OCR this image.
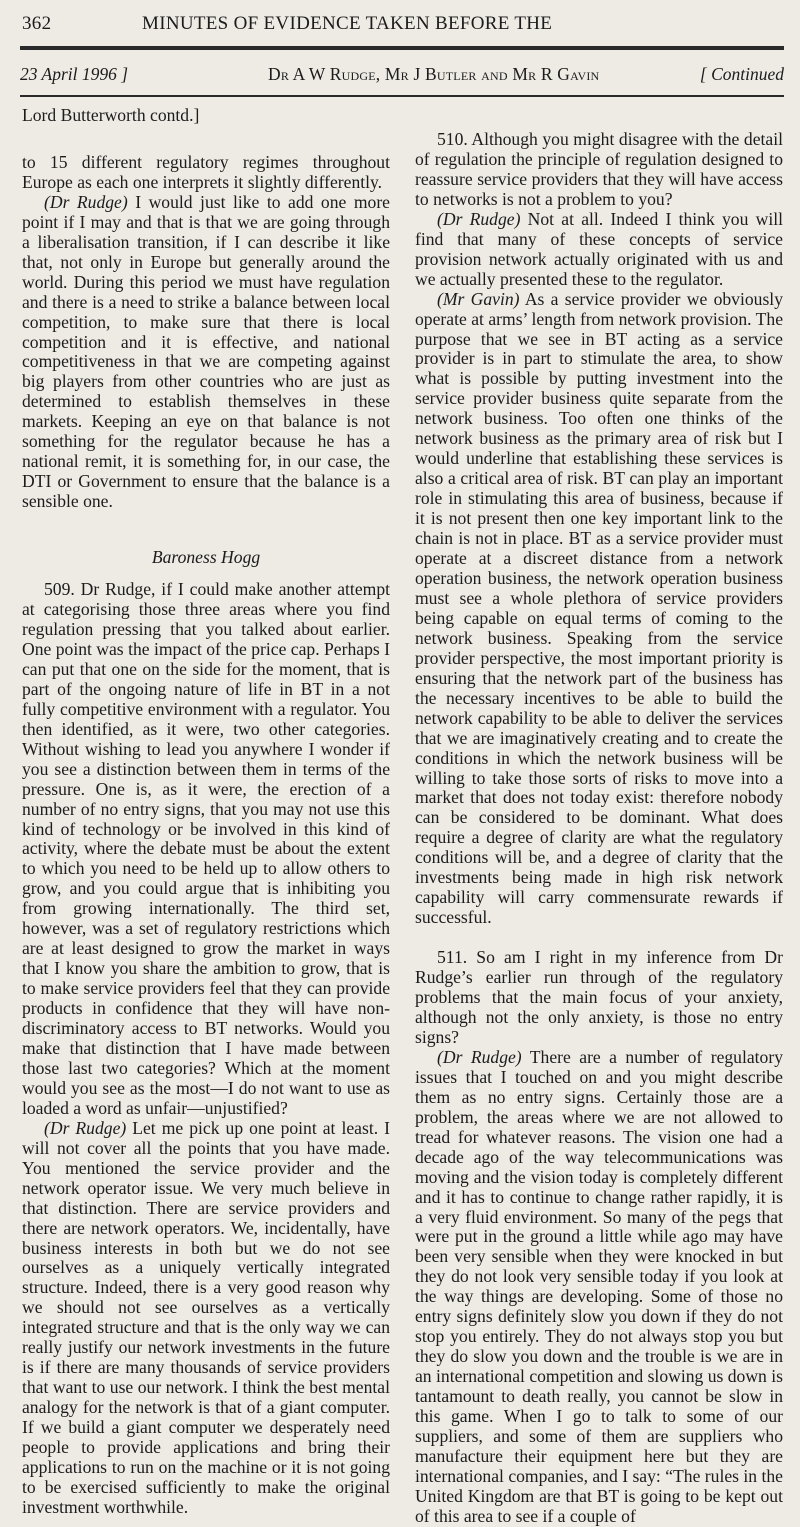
362	MINUTES OF EVIDENCE TAKEN BEFORE THE
23 April 1996 ]	Dr A W Rudge, Mr J Butler and Mr R Gavin	[ Continued

Lord Butterworth contd.]

to 15 different regulatory regimes throughout Europe as each one interprets it slightly differently.

(Dr Rudge) I would just like to add one more point if I may and that is that we are going through a liberalisation transition, if I can describe it like that, not only in Europe but generally around the world. During this period we must have regulation and there is a need to strike a balance between local competition, to make sure that there is local competition and it is effective, and national competitiveness in that we are competing against big players from other countries who are just as determined to establish themselves in these markets. Keeping an eye on that balance is not something for the regulator because he has a national remit, it is something for, in our case, the DTI or Government to ensure that the balance is a sensible one.

Baroness Hogg

509. Dr Rudge, if I could make another attempt at categorising those three areas where you find regulation pressing that you talked about earlier. One point was the impact of the price cap. Perhaps I can put that one on the side for the moment, that is part of the ongoing nature of life in BT in a not fully competitive environment with a regulator. You then identified, as it were, two other categories. Without wishing to lead you anywhere I wonder if you see a distinction between them in terms of the pressure. One is, as it were, the erection of a number of no entry signs, that you may not use this kind of technology or be involved in this kind of activity, where the debate must be about the extent to which you need to be held up to allow others to grow, and you could argue that is inhibiting you from growing internationally. The third set, however, was a set of regulatory restrictions which are at least designed to grow the market in ways that I know you share the ambition to grow, that is to make service providers feel that they can provide products in confidence that they will have non-discriminatory access to BT networks. Would you make that distinction that I have made between those last two categories? Which at the moment would you see as the most—I do not want to use as loaded a word as unfair—unjustified?

(Dr Rudge) Let me pick up one point at least. I will not cover all the points that you have made. You mentioned the service provider and the network operator issue. We very much believe in that distinction. There are service providers and there are network operators. We, incidentally, have business interests in both but we do not see ourselves as a uniquely vertically integrated structure. Indeed, there is a very good reason why we should not see ourselves as a vertically integrated structure and that is the only way we can really justify our network investments in the future is if there are many thousands of service providers that want to use our network. I think the best mental analogy for the network is that of a giant computer. If we build a giant computer we desperately need people to provide applications and bring their applications to run on the machine or it is not going to be exercised sufficiently to make the original investment worthwhile.

510. Although you might disagree with the detail of regulation the principle of regulation designed to reassure service providers that they will have access to networks is not a problem to you?

(Dr Rudge) Not at all. Indeed I think you will find that many of these concepts of service provision network actually originated with us and we actually presented these to the regulator.

(Mr Gavin) As a service provider we obviously operate at arms’ length from network provision. The purpose that we see in BT acting as a service provider is in part to stimulate the area, to show what is possible by putting investment into the service provider business quite separate from the network business. Too often one thinks of the network business as the primary area of risk but I would underline that establishing these services is also a critical area of risk. BT can play an important role in stimulating this area of business, because if it is not present then one key important link to the chain is not in place. BT as a service provider must operate at a discreet distance from a network operation business, the network operation business must see a whole plethora of service providers being capable on equal terms of coming to the network business. Speaking from the service provider perspective, the most important priority is ensuring that the network part of the business has the necessary incentives to be able to build the network capability to be able to deliver the services that we are imaginatively creating and to create the conditions in which the network business will be willing to take those sorts of risks to move into a market that does not today exist: therefore nobody can be considered to be dominant. What does require a degree of clarity are what the regulatory conditions will be, and a degree of clarity that the investments being made in high risk network capability will carry commensurate rewards if successful.

511. So am I right in my inference from Dr Rudge’s earlier run through of the regulatory problems that the main focus of your anxiety, although not the only anxiety, is those no entry signs?

(Dr Rudge) There are a number of regulatory issues that I touched on and you might describe them as no entry signs. Certainly those are a problem, the areas where we are not allowed to tread for whatever reasons. The vision one had a decade ago of the way telecommunications was moving and the vision today is completely different and it has to continue to change rather rapidly, it is a very fluid environment. So many of the pegs that were put in the ground a little while ago may have been very sensible when they were knocked in but they do not look very sensible today if you look at the way things are developing. Some of those no entry signs definitely slow you down if they do not stop you entirely. They do not always stop you but they do slow you down and the trouble is we are in an international competition and slowing us down is tantamount to death really, you cannot be slow in this game. When I go to talk to some of our suppliers, and some of them are suppliers who manufacture their equipment here but they are international companies, and I say: “The rules in the United Kingdom are that BT is going to be kept out of this area to see if a couple of
